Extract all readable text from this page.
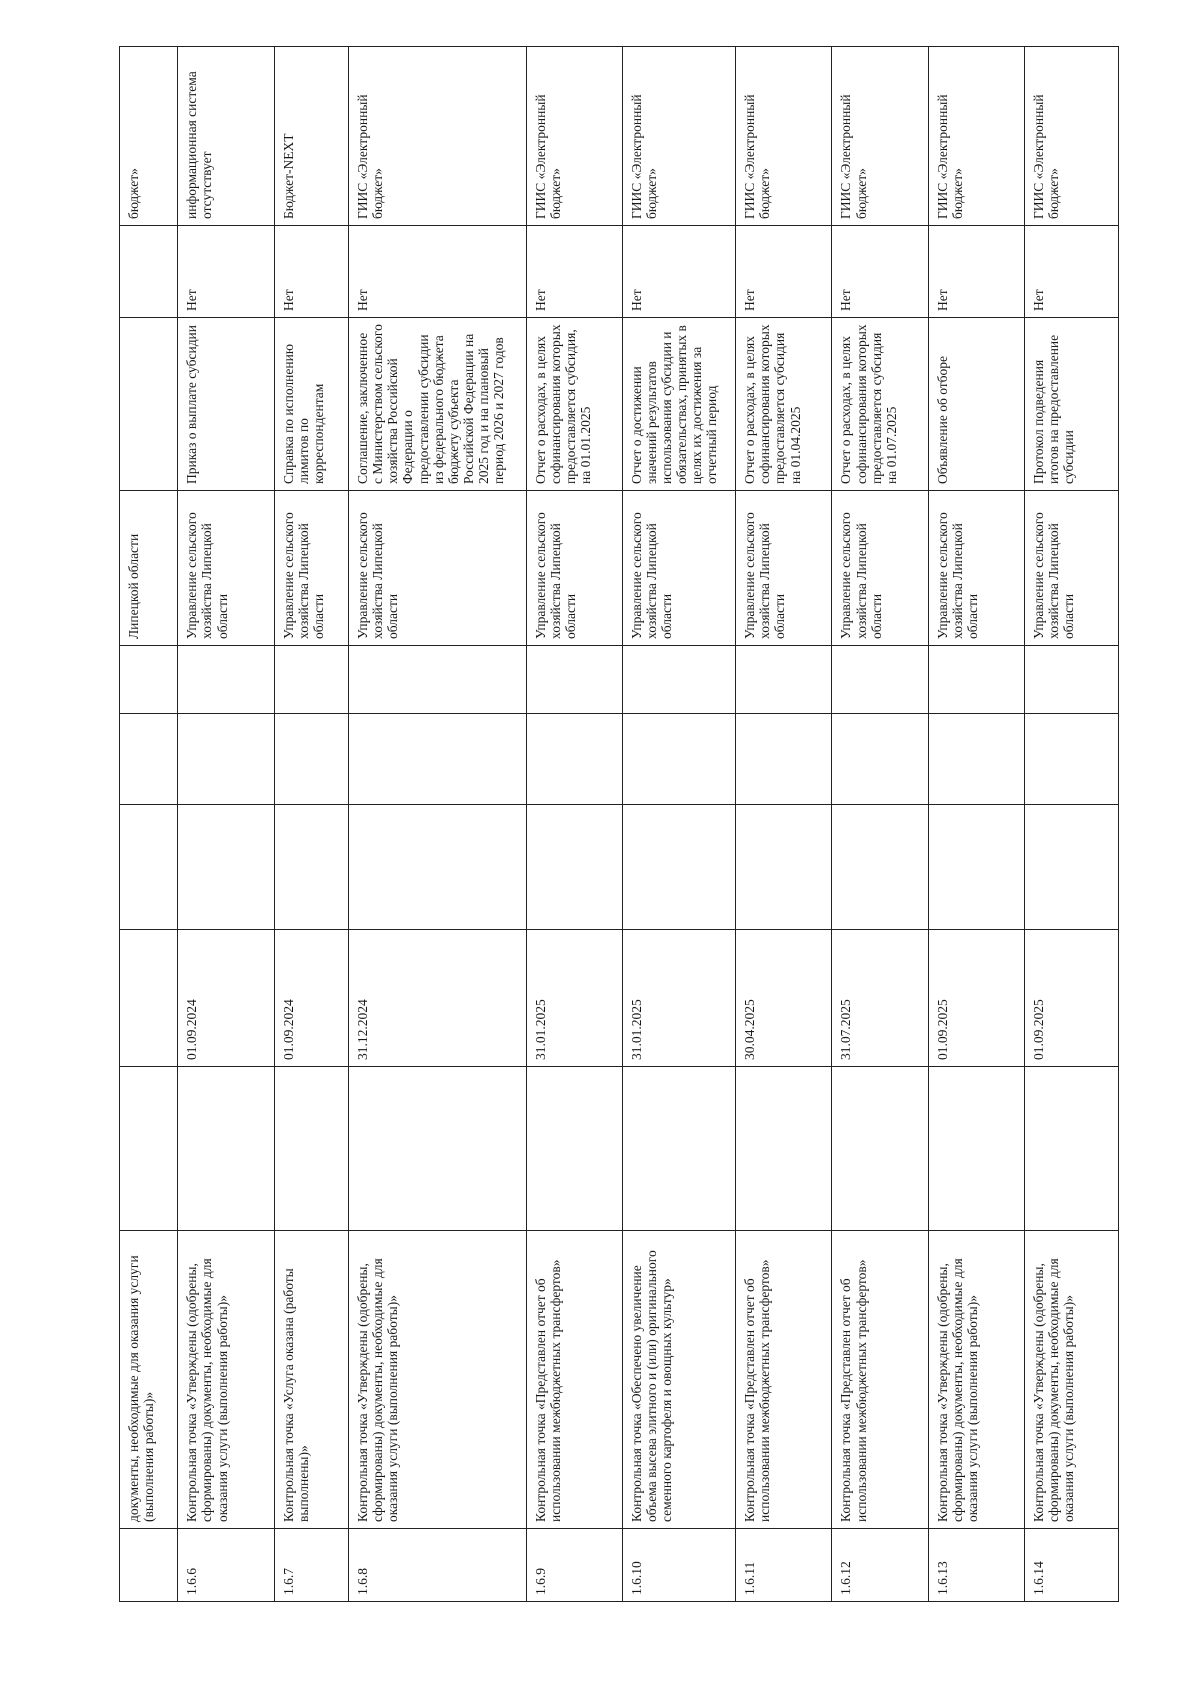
	документы, необходимые для оказания услуги (выполнения работы)»						Липецкой области			бюджет»
1.6.6	Контрольная точка «Утверждены (одобрены, сформированы) документы, необходимые для оказания услуги (выполнения работы)»		01.09.2024				Управление сельского хозяйства Липецкой области	Приказ о выплате субсидии	Нет	информационная система отсутствует
1.6.7	Контрольная точка «Услуга оказана (работы выполнены)»		01.09.2024				Управление сельского хозяйства Липецкой области	Справка по исполнению лимитов по корреспондентам	Нет	Бюджет-NEXT
1.6.8	Контрольная точка «Утверждены (одобрены, сформированы) документы, необходимые для оказания услуги (выполнения работы)»		31.12.2024				Управление сельского хозяйства Липецкой области	Соглашение, заключенное с Министерством сельского хозяйства Российской Федерации о предоставлении субсидии из федерального бюджета бюджету субъекта Российской Федерации на 2025 год и на плановый период 2026 и 2027 годов	Нет	ГИИС «Электронный бюджет»
1.6.9	Контрольная точка «Представлен отчет об использовании межбюджетных трансфертов»		31.01.2025				Управление сельского хозяйства Липецкой области	Отчет о расходах, в целях софинансирования которых предоставляется субсидия, на 01.01.2025	Нет	ГИИС «Электронный бюджет»
1.6.10	Контрольная точка «Обеспечено увеличение объема высева элитного и (или) оригинального семенного картофеля и овощных культур»		31.01.2025				Управление сельского хозяйства Липецкой области	Отчет о достижении значений результатов использования субсидии и обязательствах, принятых в целях их достижения за отчетный период	Нет	ГИИС «Электронный бюджет»
1.6.11	Контрольная точка «Представлен отчет об использовании межбюджетных трансфертов»		30.04.2025				Управление сельского хозяйства Липецкой области	Отчет о расходах, в целях софинансирования которых предоставляется субсидия на 01.04.2025	Нет	ГИИС «Электронный бюджет»
1.6.12	Контрольная точка «Представлен отчет об использовании межбюджетных трансфертов»		31.07.2025				Управление сельского хозяйства Липецкой области	Отчет о расходах, в целях софинансирования которых предоставляется субсидия на 01.07.2025	Нет	ГИИС «Электронный бюджет»
1.6.13	Контрольная точка «Утверждены (одобрены, сформированы) документы, необходимые для оказания услуги (выполнения работы)»		01.09.2025				Управление сельского хозяйства Липецкой области	Объявление об отборе	Нет	ГИИС «Электронный бюджет»
1.6.14	Контрольная точка «Утверждены (одобрены, сформированы) документы, необходимые для оказания услуги (выполнения работы)»		01.09.2025				Управление сельского хозяйства Липецкой области	Протокол подведения итогов на предоставление субсидии	Нет	ГИИС «Электронный бюджет»
